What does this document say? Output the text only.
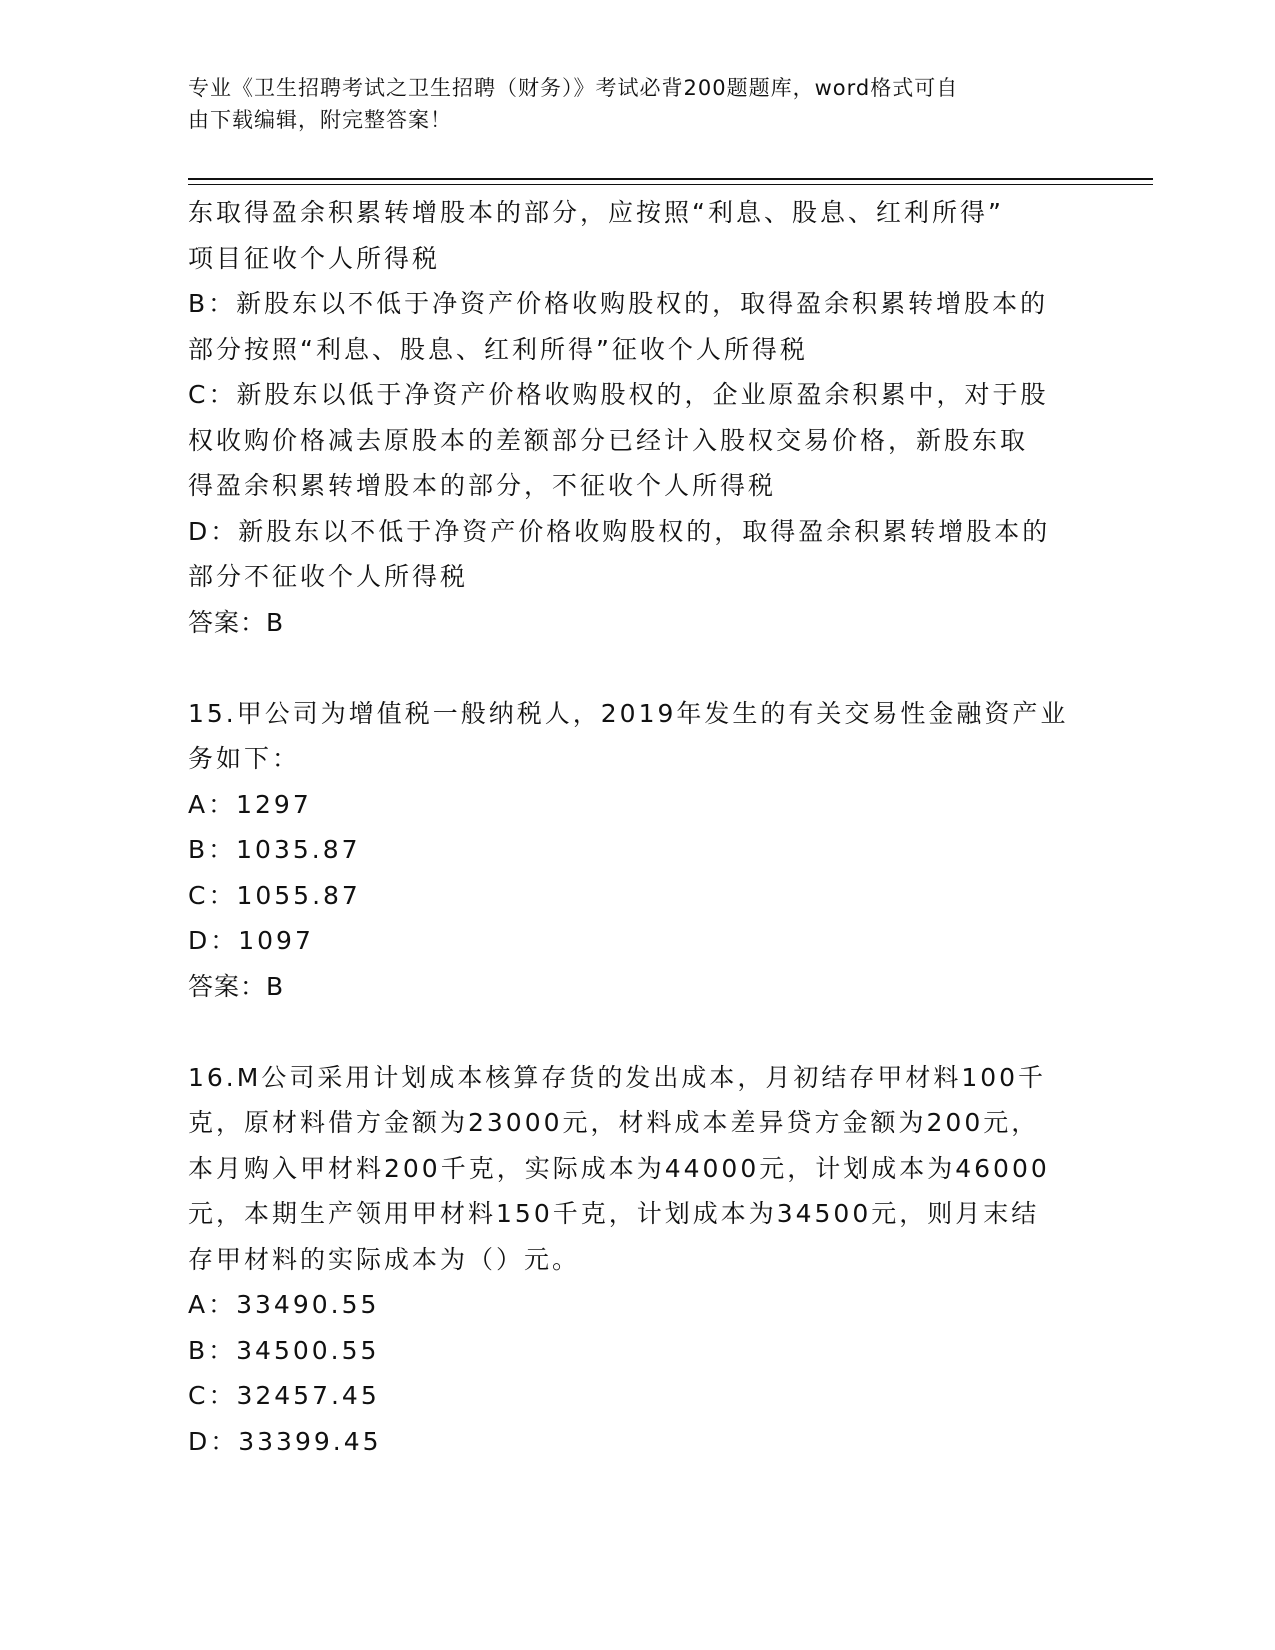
专业《卫生招聘考试之卫生招聘（财务）》考试必背200题题库，word格式可自
由下载编辑，附完整答案！
东取得盈余积累转增股本的部分，应按照“利息、股息、红利所得”
项目征收个人所得税
B：新股东以不低于净资产价格收购股权的，取得盈余积累转增股本的
部分按照“利息、股息、红利所得”征收个人所得税
C：新股东以低于净资产价格收购股权的，企业原盈余积累中，对于股
权收购价格减去原股本的差额部分已经计入股权交易价格，新股东取
得盈余积累转增股本的部分，不征收个人所得税
D：新股东以不低于净资产价格收购股权的，取得盈余积累转增股本的
部分不征收个人所得税
答案：B
15.甲公司为增值税一般纳税人，2019年发生的有关交易性金融资产业
务如下：
A：1297
B：1035.87
C：1055.87
D：1097
答案：B
16.M公司采用计划成本核算存货的发出成本，月初结存甲材料100千
克，原材料借方金额为23000元，材料成本差异贷方金额为200元，
本月购入甲材料200千克，实际成本为44000元，计划成本为46000
元，本期生产领用甲材料150千克，计划成本为34500元，则月末结
存甲材料的实际成本为（）元。
A：33490.55
B：34500.55
C：32457.45
D：33399.45
